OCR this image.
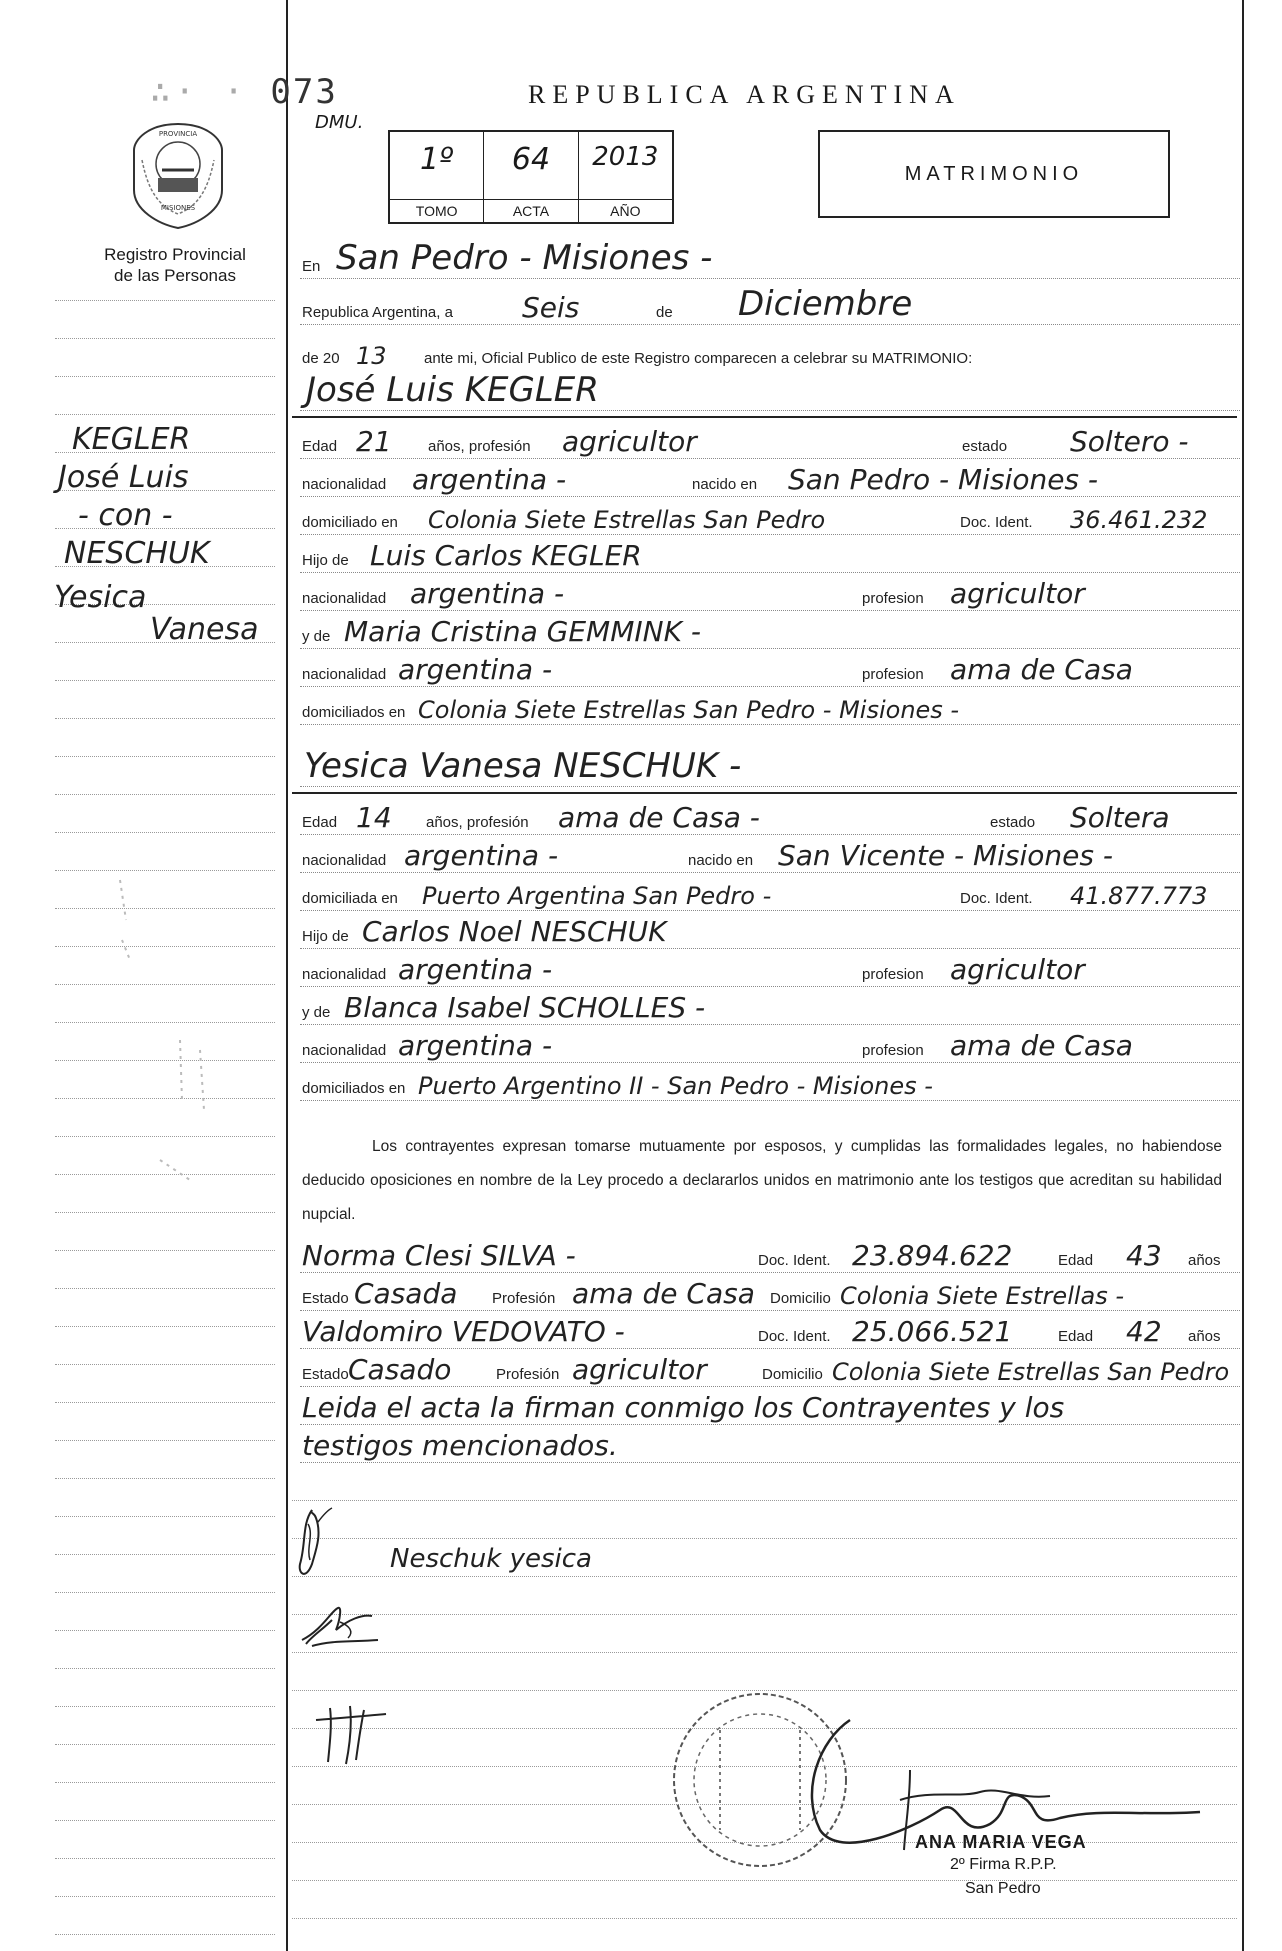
∴· · 073
PROVINCIA
MISIONES
Registro Provincial
de las Personas
REPUBLICA ARGENTINA
DMU.
1º
TOMO
64
ACTA
2013
AÑO
MATRIMONIO
En San Pedro - Misiones -
Republica Argentina, a Seis	de Diciembre
de 20 13 ante mi, Oficial Publico de este Registro comparecen a celebrar su MATRIMONIO:
José Luis KEGLER
Edad 21 años, profesión agricultor	estado Soltero -
nacionalidad argentina -	nacido en San Pedro - Misiones -
domiciliado en Colonia Siete Estrellas San Pedro	Doc. Ident. 36.461.232
Hijo de Luis Carlos KEGLER
nacionalidad argentina -	profesion agricultor
y de Maria Cristina GEMMINK -
nacionalidad argentina -	profesion ama de Casa
domiciliados en Colonia Siete Estrellas San Pedro - Misiones -
Yesica Vanesa NESCHUK -
Edad 14 años, profesión ama de Casa -	estado Soltera
nacionalidad argentina -	nacido en San Vicente - Misiones -
domiciliada en Puerto Argentina San Pedro -	Doc. Ident. 41.877.773
Hijo de Carlos Noel NESCHUK
nacionalidad argentina -	profesion agricultor
y de Blanca Isabel SCHOLLES -
nacionalidad argentina -	profesion ama de Casa
domiciliados en Puerto Argentino II - San Pedro - Misiones -
Los contrayentes expresan tomarse mutuamente por esposos, y cumplidas las formalidades legales, no habiendose deducido oposiciones en nombre de la Ley procedo a declararlos unidos en matrimonio ante los testigos que acreditan su habilidad nupcial.
Norma Clesi SILVA -	Doc. Ident. 23.894.622	Edad 43 años
Estado Casada Profesión ama de Casa Domicilio Colonia Siete Estrellas -
Valdomiro VEDOVATO -	Doc. Ident. 25.066.521	Edad 42 años
Estado Casado	Profesión agricultor	Domicilio Colonia Siete Estrellas San Pedro
Leida el acta la firman conmigo los Contrayentes y los
testigos mencionados.
Neschuk yesica
ANA MARIA VEGA
2º Firma R.P.P.
San Pedro
KEGLER
José Luis
- con -
NESCHUK
Yesica
Vanesa
